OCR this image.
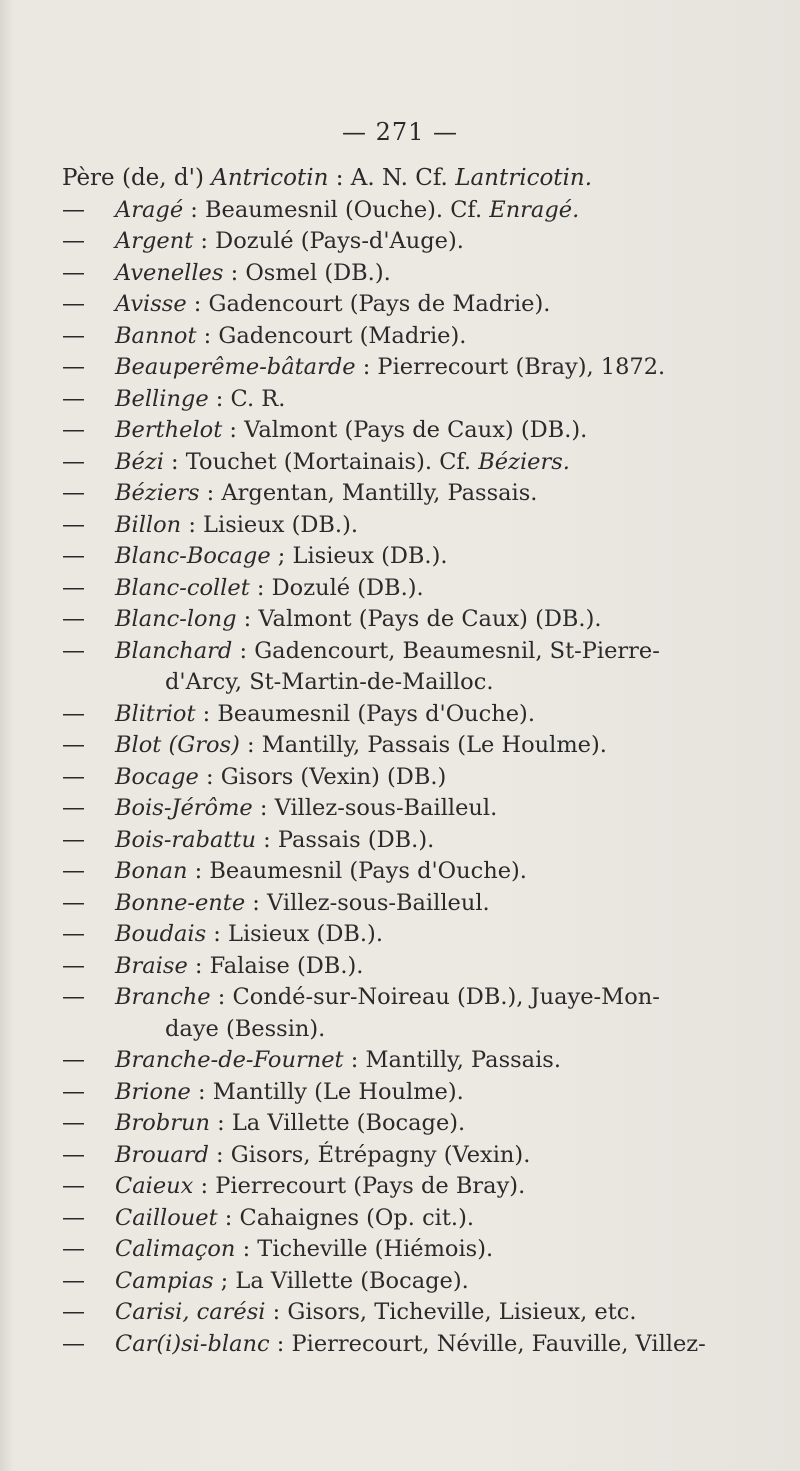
— 271 —
Père (de, d') Antricotin : A. N. Cf. Lantricotin.
—	Aragé : Beaumesnil (Ouche). Cf. Enragé.
—	Argent : Dozulé (Pays-d'Auge).
—	Avenelles : Osmel (DB.).
—	Avisse : Gadencourt (Pays de Madrie).
—	Bannot : Gadencourt (Madrie).
—	Beauperême-bâtarde : Pierrecourt (Bray), 1872.
—	Bellinge : C. R.
—	Berthelot : Valmont (Pays de Caux) (DB.).
—	Bézi : Touchet (Mortainais). Cf. Béziers.
—	Béziers : Argentan, Mantilly, Passais.
—	Billon : Lisieux (DB.).
—	Blanc-Bocage ; Lisieux (DB.).
—	Blanc-collet : Dozulé (DB.).
—	Blanc-long : Valmont (Pays de Caux) (DB.).
—	Blanchard : Gadencourt, Beaumesnil, St-Pierre-
d'Arcy, St-Martin-de-Mailloc.
—	Blitriot : Beaumesnil (Pays d'Ouche).
—	Blot (Gros) : Mantilly, Passais (Le Houlme).
—	Bocage : Gisors (Vexin) (DB.)
—	Bois-Jérôme : Villez-sous-Bailleul.
—	Bois-rabattu : Passais (DB.).
—	Bonan : Beaumesnil (Pays d'Ouche).
—	Bonne-ente : Villez-sous-Bailleul.
—	Boudais : Lisieux (DB.).
—	Braise : Falaise (DB.).
—	Branche : Condé-sur-Noireau (DB.), Juaye-Mon-
daye (Bessin).
—	Branche-de-Fournet : Mantilly, Passais.
—	Brione : Mantilly (Le Houlme).
—	Brobrun : La Villette (Bocage).
—	Brouard : Gisors, Étrépagny (Vexin).
—	Caieux : Pierrecourt (Pays de Bray).
—	Caillouet : Cahaignes (Op. cit.).
—	Calimaçon : Ticheville (Hiémois).
—	Campias ; La Villette (Bocage).
—	Carisi, carési : Gisors, Ticheville, Lisieux, etc.
—	Car(i)si-blanc : Pierrecourt, Néville, Fauville, Villez-
